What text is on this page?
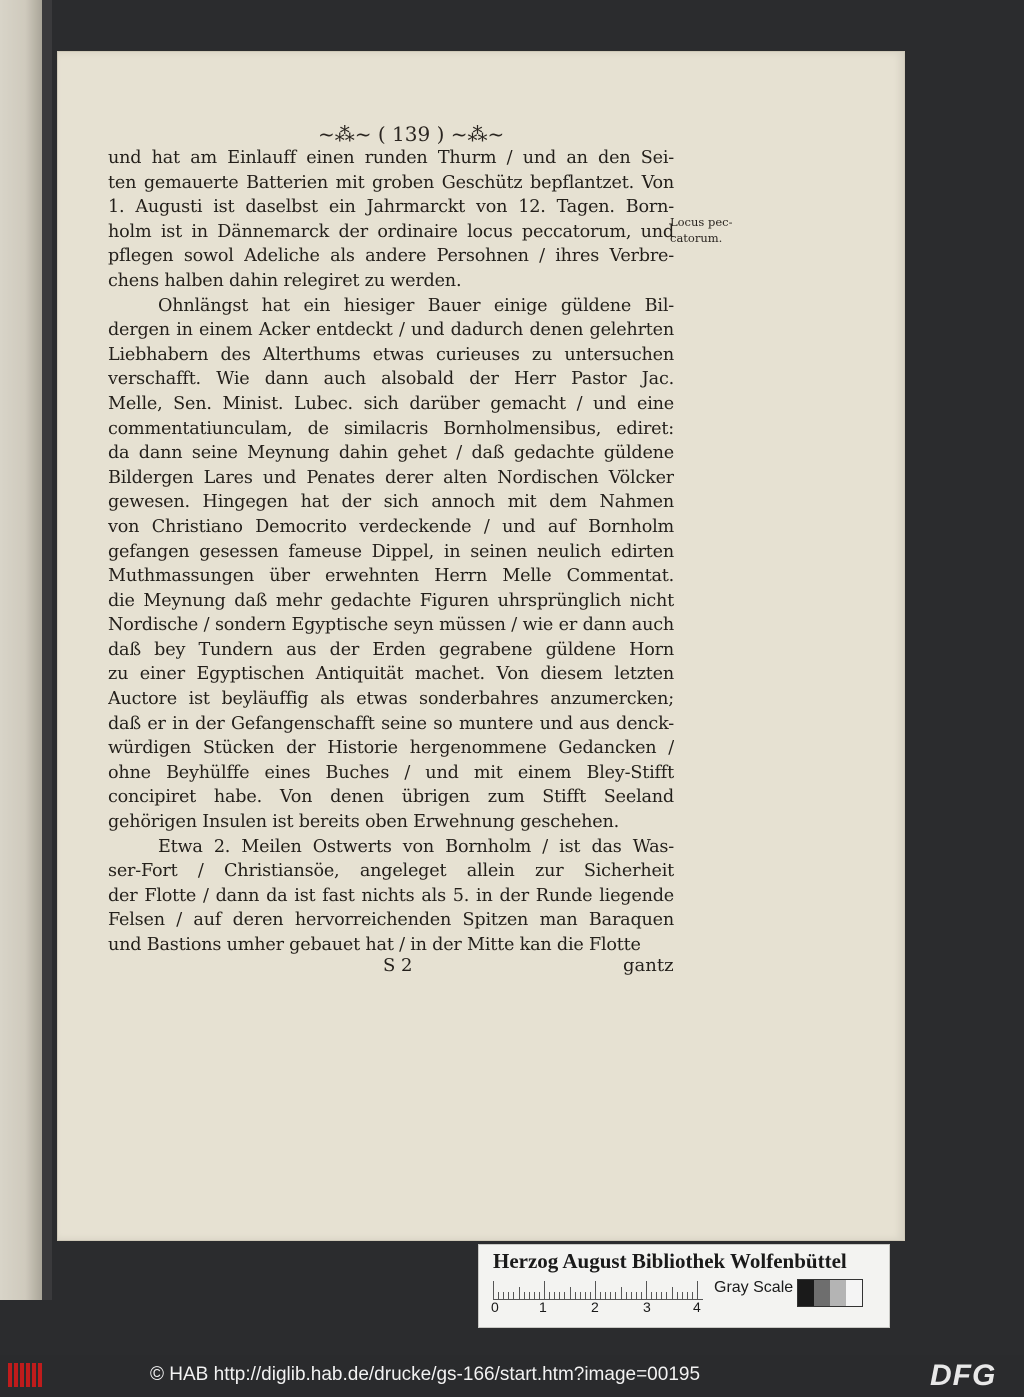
~⁂~ ( 139 ) ~⁂~
und hat am Einlauff einen runden Thurm / und an den Sei-
ten gemauerte Batterien mit groben Geschütz bepflantzet. Von
1. Augusti ist daselbst ein Jahrmarckt von 12. Tagen. Born-
holm ist in Dännemarck der ordinaire locus peccatorum, und
pflegen sowol Adeliche als andere Persohnen / ihres Verbre-
chens halben dahin relegiret zu werden.
Ohnlängst hat ein hiesiger Bauer einige güldene Bil-
dergen in einem Acker entdeckt / und dadurch denen gelehrten
Liebhabern des Alterthums etwas curieuses zu untersuchen
verschafft. Wie dann auch alsobald der Herr Pastor Jac.
Melle, Sen. Minist. Lubec. sich darüber gemacht / und eine
commentatiunculam, de similacris Bornholmensibus, ediret:
da dann seine Meynung dahin gehet / daß gedachte güldene
Bildergen Lares und Penates derer alten Nordischen Völcker
gewesen. Hingegen hat der sich annoch mit dem Nahmen
von Christiano Democrito verdeckende / und auf Bornholm
gefangen gesessen fameuse Dippel, in seinen neulich edirten
Muthmassungen über erwehnten Herrn Melle Commentat.
die Meynung daß mehr gedachte Figuren uhrsprünglich nicht
Nordische / sondern Egyptische seyn müssen / wie er dann auch
daß bey Tundern aus der Erden gegrabene güldene Horn
zu einer Egyptischen Antiquität machet. Von diesem letzten
Auctore ist beyläuffig als etwas sonderbahres anzumercken;
daß er in der Gefangenschafft seine so muntere und aus denck-
würdigen Stücken der Historie hergenommene Gedancken /
ohne Beyhülffe eines Buches / und mit einem Bley-Stifft
concipiret habe. Von denen übrigen zum Stifft Seeland
gehörigen Insulen ist bereits oben Erwehnung geschehen.
Etwa 2. Meilen Ostwerts von Bornholm / ist das Was-
ser-Fort / Christiansöe, angeleget allein zur Sicherheit
der Flotte / dann da ist fast nichts als 5. in der Runde liegende
Felsen / auf deren hervorreichenden Spitzen man Baraquen
und Bastions umher gebauet hat / in der Mitte kan die Flotte
Locus pec-
catorum.
S 2	gantz
Herzog August Bibliothek Wolfenbüttel
0	1	2	3	4
Gray Scale
© HAB http://diglib.hab.de/drucke/gs-166/start.htm?image=00195	DFG
